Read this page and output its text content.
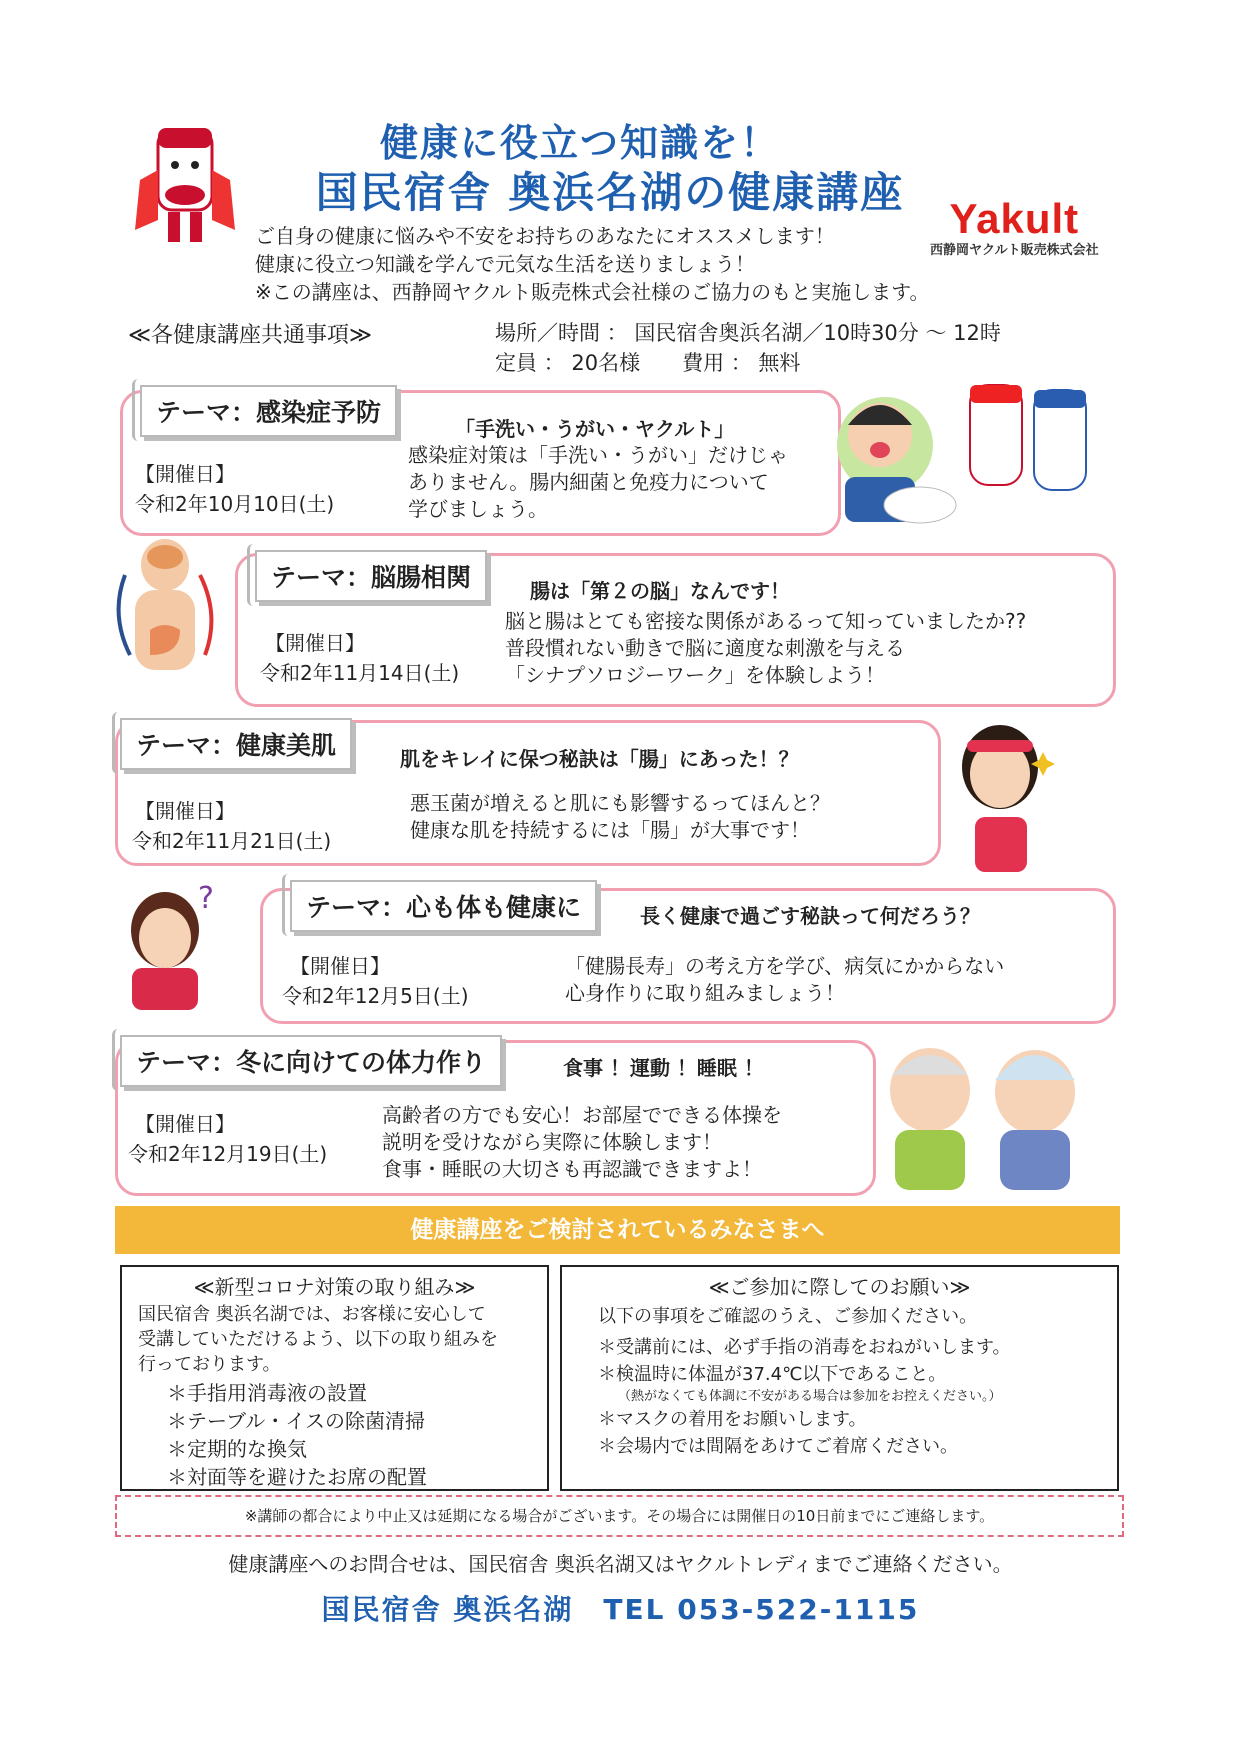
健康に役立つ知識を！
国民宿舎 奥浜名湖の健康講座
ご自身の健康に悩みや不安をお持ちのあなたにオススメします！
健康に役立つ知識を学んで元気な生活を送りましょう！
※この講座は、西静岡ヤクルト販売株式会社様のご協力のもと実施します。
Yakult
西静岡ヤクルト販売株式会社
≪各健康講座共通事項≫	場所／時間 ： 国民宿舎奥浜名湖／10時30分 〜 12時
定員 ： 20名様　　費用 ： 無料
テーマ：感染症予防
「手洗い・うがい・ヤクルト」
【開催日】
令和2年10月10日(土)
感染症対策は「手洗い・うがい」だけじゃ
ありません。腸内細菌と免疫力について
学びましょう。
テーマ：脳腸相関	腸は「第２の脳」なんです！
【開催日】
令和2年11月14日(土)
脳と腸はとても密接な関係があるって知っていましたか??
普段慣れない動きで脳に適度な刺激を与える
「シナプソロジーワーク」を体験しよう！
テーマ：健康美肌	肌をキレイに保つ秘訣は「腸」にあった！？
【開催日】
令和2年11月21日(土)
悪玉菌が増えると肌にも影響するってほんと？
健康な肌を持続するには「腸」が大事です！
?	テーマ：心も体も健康に	長く健康で過ごす秘訣って何だろう？
【開催日】
令和2年12月5日(土)
「健腸長寿」の考え方を学び、病気にかからない
心身作りに取り組みましょう！
テーマ：冬に向けての体力作り	食事 ！運動 ！睡眠 ！
【開催日】
令和2年12月19日(土)
高齢者の方でも安心！お部屋でできる体操を
説明を受けながら実際に体験します！
食事・睡眠の大切さも再認識できますよ！
健康講座をご検討されているみなさまへ
≪新型コロナ対策の取り組み≫

国民宿舎 奥浜名湖では、お客様に安心して

受講していただけるよう、以下の取り組みを

行っております。

＊手指用消毒液の設置

＊テーブル・イスの除菌清掃

＊定期的な換気

＊対面等を避けたお席の配置

≪ご参加に際してのお願い≫
以下の事項をご確認のうえ、ご参加ください。

＊受講前には、必ず手指の消毒をおねがいします。

＊検温時に体温が37.4℃以下であること。

（熱がなくても体調に不安がある場合は参加をお控えください。）

＊マスクの着用をお願いします。

＊会場内では間隔をあけてご着席ください。

※講師の都合により中止又は延期になる場合がございます。その場合には開催日の10日前までにご連絡します。
健康講座へのお問合せは、国民宿舎 奥浜名湖又はヤクルトレディまでご連絡ください。
国民宿舎 奥浜名湖　TEL 053-522-1115
